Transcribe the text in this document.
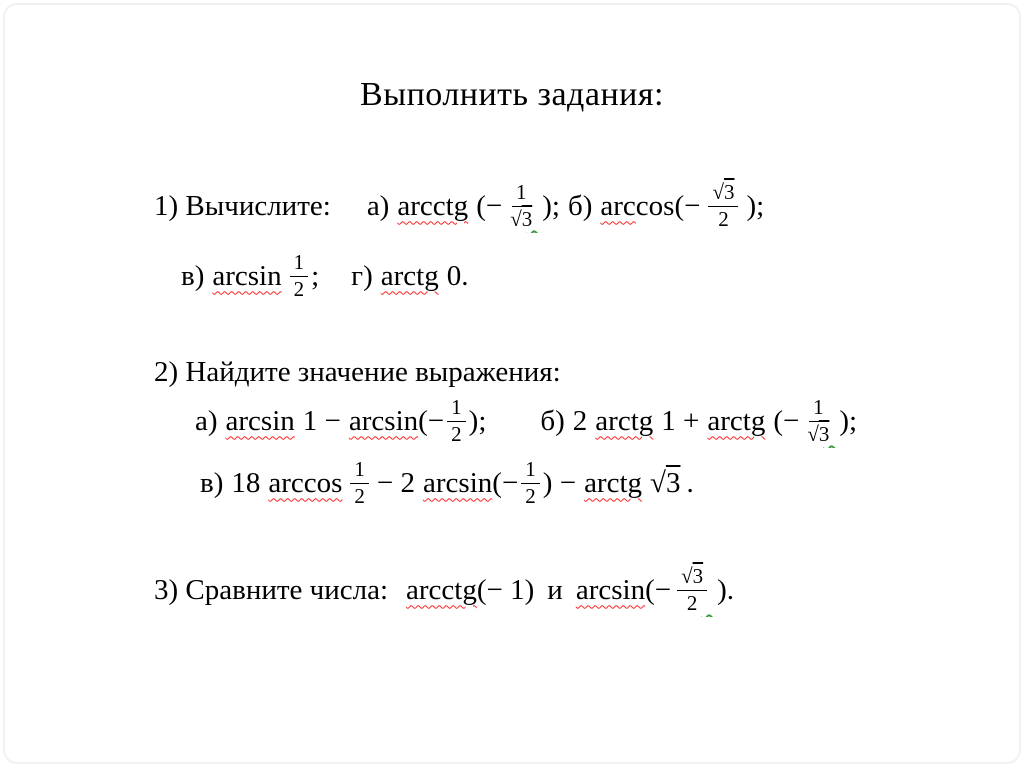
Выполнить задания:
1) Вычислите: а) arcctg (− $\frac{1}{√3}$ ); б) arc $\cos(- \frac{√3}{2}$ );
в) $\arcsin \frac{1}{2}$ ; г) arctg 0.
2) Найдите значение выражения:
а) arcsin 1 − arcsin (− $\frac{1}{2}$ ); б) 2 arctg 1 + arctg (− $\frac{1}{√3}$ );
в) 18 $\arccos \frac{1}{2} - 2$ arcsin (− $\frac{1}{2}$ ) − arctg √3 .
3) Сравните числа: arcctg (− 1) и arcsin (− $\frac{√3}{2}$ ).
